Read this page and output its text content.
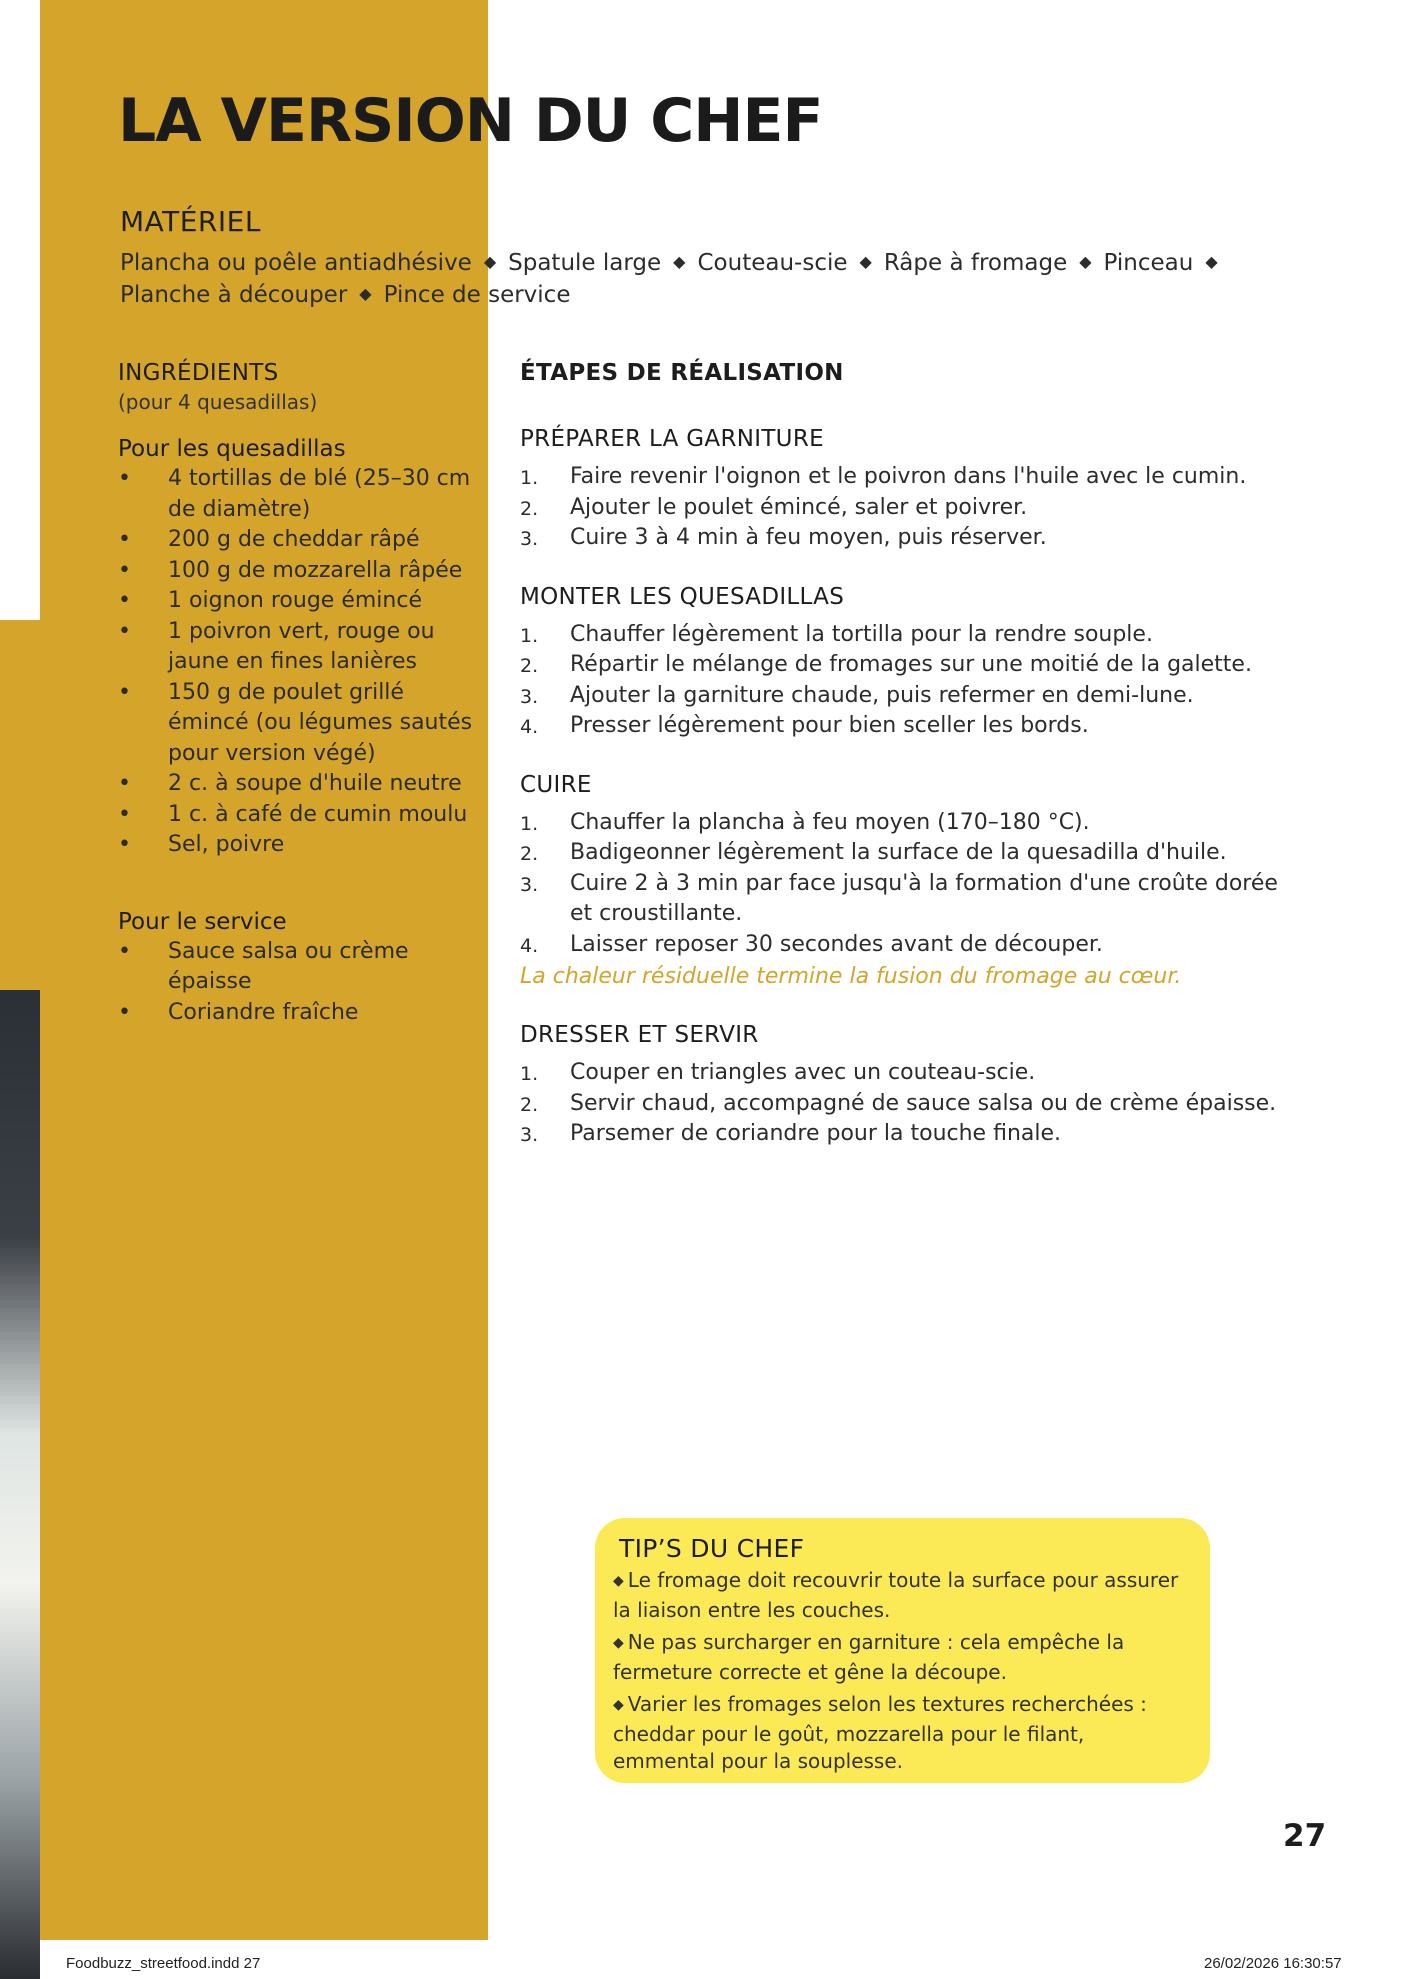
LA VERSION DU CHEF
MATÉRIEL
Plancha ou poêle antiadhésive ◆ Spatule large ◆ Couteau-scie ◆ Râpe à fromage ◆ Pinceau ◆
Planche à découper ◆ Pince de service
INGRÉDIENTS

(pour 4 quesadillas)

Pour les quesadillas

• 4 tortillas de blé (25–30 cm de diamètre)
• 200 g de cheddar râpé
• 100 g de mozzarella râpée
• 1 oignon rouge émincé
• 1 poivron vert, rouge ou jaune en fines lanières
• 150 g de poulet grillé émincé (ou légumes sautés pour version végé)
• 2 c. à soupe d'huile neutre
• 1 c. à café de cumin moulu
• Sel, poivre

Pour le service

• Sauce salsa ou crème épaisse
• Coriandre fraîche
ÉTAPES DE RÉALISATION

PRÉPARER LA GARNITURE

1. Faire revenir l'oignon et le poivron dans l'huile avec le cumin.
2. Ajouter le poulet émincé, saler et poivrer.
3. Cuire 3 à 4 min à feu moyen, puis réserver.

MONTER LES QUESADILLAS

1. Chauffer légèrement la tortilla pour la rendre souple.
2. Répartir le mélange de fromages sur une moitié de la galette.
3. Ajouter la garniture chaude, puis refermer en demi-lune.
4. Presser légèrement pour bien sceller les bords.

CUIRE

1. Chauffer la plancha à feu moyen (170–180 °C).
2. Badigeonner légèrement la surface de la quesadilla d'huile.
3. Cuire 2 à 3 min par face jusqu'à la formation d'une croûte dorée et croustillante.
4. Laisser reposer 30 secondes avant de découper.

La chaleur résiduelle termine la fusion du fromage au cœur.

DRESSER ET SERVIR

1. Couper en triangles avec un couteau-scie.
2. Servir chaud, accompagné de sauce salsa ou de crème épaisse.
3. Parsemer de coriandre pour la touche finale.

TIP’S DU CHEF

◆ Le fromage doit recouvrir toute la surface pour assurer la liaison entre les couches.

◆ Ne pas surcharger en garniture : cela empêche la fermeture correcte et gêne la découpe.

◆ Varier les fromages selon les textures recherchées : cheddar pour le goût, mozzarella pour le filant, emmental pour la souplesse.

27
Foodbuzz_streetfood.indd 27	26/02/2026 16:30:57
